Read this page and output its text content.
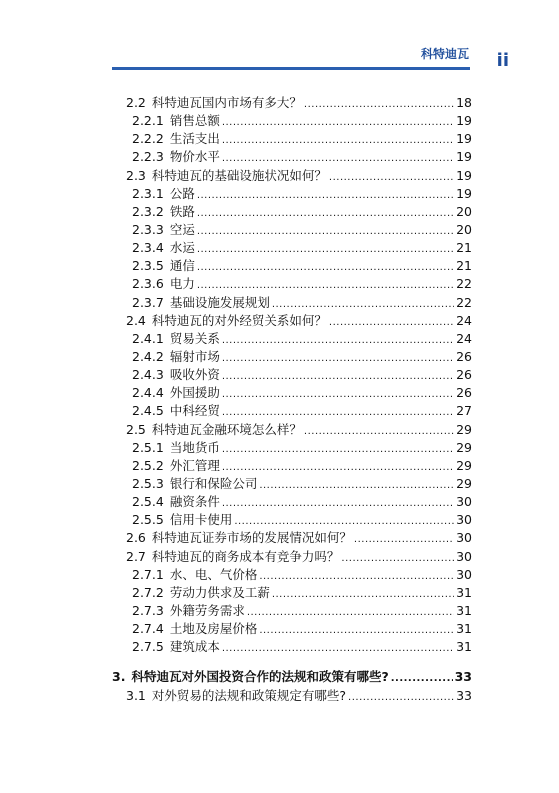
科特迪瓦 ii
2.2 科特迪瓦国内市场有多大？ .....	18
2.2.1 销售总额 .....	19
2.2.2 生活支出 .....	19
2.2.3 物价水平 .....	19
2.3 科特迪瓦的基础设施状况如何？ .....	19
2.3.1 公路 .....	19
2.3.2 铁路 .....	20
2.3.3 空运 .....	20
2.3.4 水运 .....	21
2.3.5 通信 .....	21
2.3.6 电力 .....	22
2.3.7 基础设施发展规划 .....	22
2.4 科特迪瓦的对外经贸关系如何？ .....	24
2.4.1 贸易关系 .....	24
2.4.2 辐射市场 .....	26
2.4.3 吸收外资 .....	26
2.4.4 外国援助 .....	26
2.4.5 中科经贸 .....	27
2.5 科特迪瓦金融环境怎么样？ .....	29
2.5.1 当地货币 .....	29
2.5.2 外汇管理 .....	29
2.5.3 银行和保险公司 .....	29
2.5.4 融资条件 .....	30
2.5.5 信用卡使用 .....	30
2.6 科特迪瓦证券市场的发展情况如何？ .....	30
2.7 科特迪瓦的商务成本有竞争力吗？ .....	30
2.7.1 水、电、气价格 .....	30
2.7.2 劳动力供求及工薪 .....	31
2.7.3 外籍劳务需求 .....	31
2.7.4 土地及房屋价格 .....	31
2.7.5 建筑成本 .....	31
3. 科特迪瓦对外国投资合作的法规和政策有哪些? .....	33
3.1 对外贸易的法规和政策规定有哪些? .....	33
